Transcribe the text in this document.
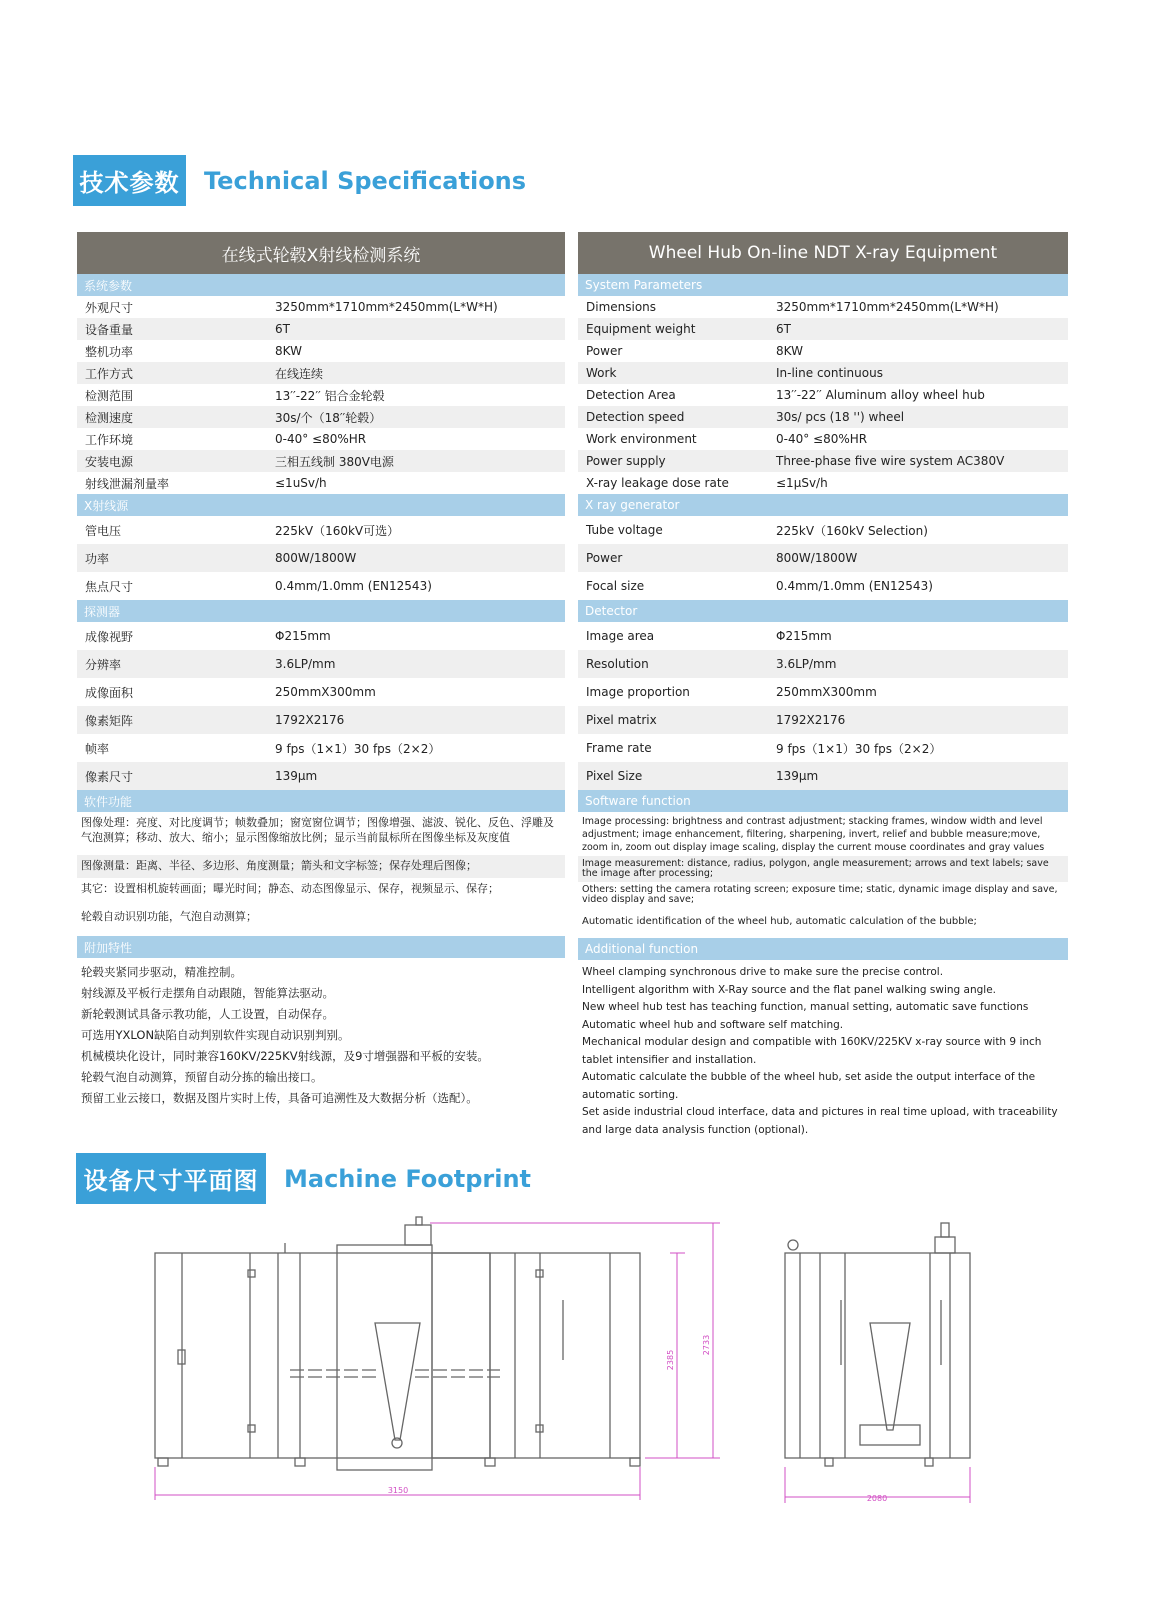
技术参数 Technical Specifications
在线式轮毂X射线检测系统
系统参数
外观尺寸	3250mm*1710mm*2450mm(L*W*H)
设备重量	6T
整机功率	8KW
工作方式	在线连续
检测范围	13′′-22′′ 铝合金轮毂
检测速度	30s/个（18′′轮毂）
工作环境	0-40° ≤80%HR
安装电源	三相五线制 380V电源
射线泄漏剂量率	≤1uSv/h
X射线源
管电压	225kV（160kV可选）
功率	800W/1800W
焦点尺寸	0.4mm/1.0mm (EN12543)
探测器
成像视野	Φ215mm
分辨率	3.6LP/mm
成像面积	250mmX300mm
像素矩阵	1792X2176
帧率	9 fps（1×1）30 fps（2×2）
像素尺寸	139μm
软件功能
图像处理：亮度、对比度调节；帧数叠加；窗宽窗位调节；图像增强、滤波、锐化、反色、浮雕及气泡测算；移动、放大、缩小；显示图像缩放比例；显示当前鼠标所在图像坐标及灰度值
图像测量：距离、半径、多边形、角度测量；箭头和文字标签；保存处理后图像；
其它：设置相机旋转画面；曝光时间；静态、动态图像显示、保存，视频显示、保存；
轮毂自动识别功能，气泡自动测算；
附加特性
轮毂夹紧同步驱动，精准控制。
射线源及平板行走摆角自动跟随，智能算法驱动。
新轮毂测试具备示教功能，人工设置，自动保存。
可选用YXLON缺陷自动判别软件实现自动识别判别。
机械模块化设计，同时兼容160KV/225KV射线源，及9寸增强器和平板的安装。
轮毂气泡自动测算，预留自动分拣的输出接口。
预留工业云接口，数据及图片实时上传，具备可追溯性及大数据分析（选配）。
Wheel Hub On-line NDT X-ray Equipment
System Parameters
Dimensions	3250mm*1710mm*2450mm(L*W*H)
Equipment weight	6T
Power	8KW
Work	In-line continuous
Detection Area	13′′-22′′ Aluminum alloy wheel hub
Detection speed	30s/ pcs (18 '') wheel
Work environment	0-40° ≤80%HR
Power supply	Three-phase five wire system AC380V
X-ray leakage dose rate	≤1μSv/h
X ray generator
Tube voltage	225kV（160kV Selection)
Power	800W/1800W
Focal size	0.4mm/1.0mm (EN12543)
Detector
Image area	Φ215mm
Resolution	3.6LP/mm
Image proportion	250mmX300mm
Pixel matrix	1792X2176
Frame rate	9 fps（1×1）30 fps（2×2）
Pixel Size	139μm
Software function
Image processing: brightness and contrast adjustment; stacking frames, window width and level adjustment; image enhancement, filtering, sharpening, invert, relief and bubble measure;move, zoom in, zoom out display image scaling, display the current mouse coordinates and gray values
Image measurement: distance, radius, polygon, angle measurement; arrows and text labels; save the image after processing;
Others: setting the camera rotating screen; exposure time; static, dynamic image display and save, video display and save;
Automatic identification of the wheel hub, automatic calculation of the bubble;
Additional function
Wheel clamping synchronous drive to make sure the precise control.
Intelligent algorithm with X-Ray source and the flat panel walking swing angle.
New wheel hub test has teaching function, manual setting, automatic save functions
Automatic wheel hub and software self matching.
Mechanical modular design and compatible with 160KV/225KV x-ray source with 9 inch tablet intensifier and installation.
Automatic calculate the bubble of the wheel hub, set aside the output interface of the automatic sorting.
Set aside industrial cloud interface, data and pictures in real time upload, with traceability and large data analysis function (optional).
设备尺寸平面图	Machine Footprint
3150
2385
2733
2080
